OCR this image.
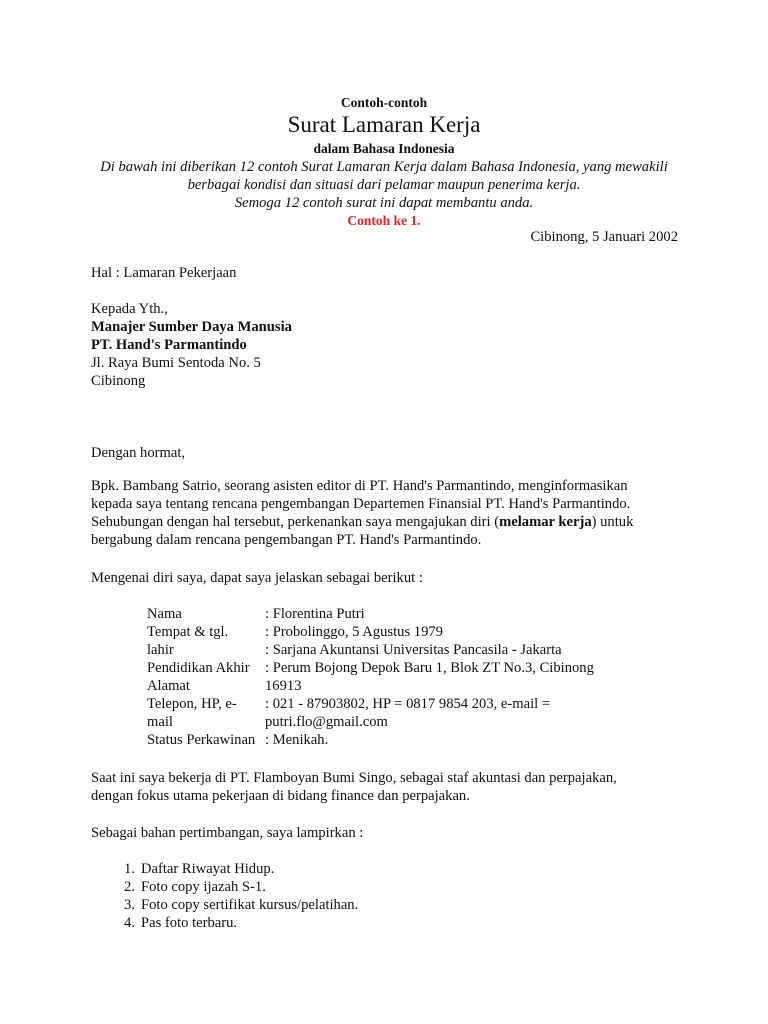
Contoh-contoh
Surat Lamaran Kerja
dalam Bahasa Indonesia
Di bawah ini diberikan 12 contoh Surat Lamaran Kerja dalam Bahasa Indonesia, yang mewakili
berbagai kondisi dan situasi dari pelamar maupun penerima kerja.
Semoga 12 contoh surat ini dapat membantu anda.
Contoh ke 1.
Cibinong, 5 Januari 2002
Hal : Lamaran Pekerjaan
Kepada Yth.,
Manajer Sumber Daya Manusia
PT. Hand's Parmantindo
Jl. Raya Bumi Sentoda No. 5
Cibinong
Dengan hormat,
Bpk. Bambang Satrio, seorang asisten editor di PT. Hand's Parmantindo, menginformasikan
kepada saya tentang rencana pengembangan Departemen Finansial PT. Hand's Parmantindo.
Sehubungan dengan hal tersebut, perkenankan saya mengajukan diri (melamar kerja) untuk
bergabung dalam rencana pengembangan PT. Hand's Parmantindo.
Mengenai diri saya, dapat saya jelaskan sebagai berikut :
Nama	: Florentina Putri
Tempat & tgl.	: Probolinggo, 5 Agustus 1979
lahir	: Sarjana Akuntansi Universitas Pancasila - Jakarta
Pendidikan Akhir	: Perum Bojong Depok Baru 1, Blok ZT No.3, Cibinong
Alamat	16913
Telepon, HP, e-	: 021 - 87903802, HP = 0817 9854 203, e-mail =
mail	putri.flo@gmail.com
Status Perkawinan	: Menikah.
Saat ini saya bekerja di PT. Flamboyan Bumi Singo, sebagai staf akuntasi dan perpajakan,
dengan fokus utama pekerjaan di bidang finance dan perpajakan.
Sebagai bahan pertimbangan, saya lampirkan :
1. Daftar Riwayat Hidup.
2. Foto copy ijazah S-1.
3. Foto copy sertifikat kursus/pelatihan.
4. Pas foto terbaru.
